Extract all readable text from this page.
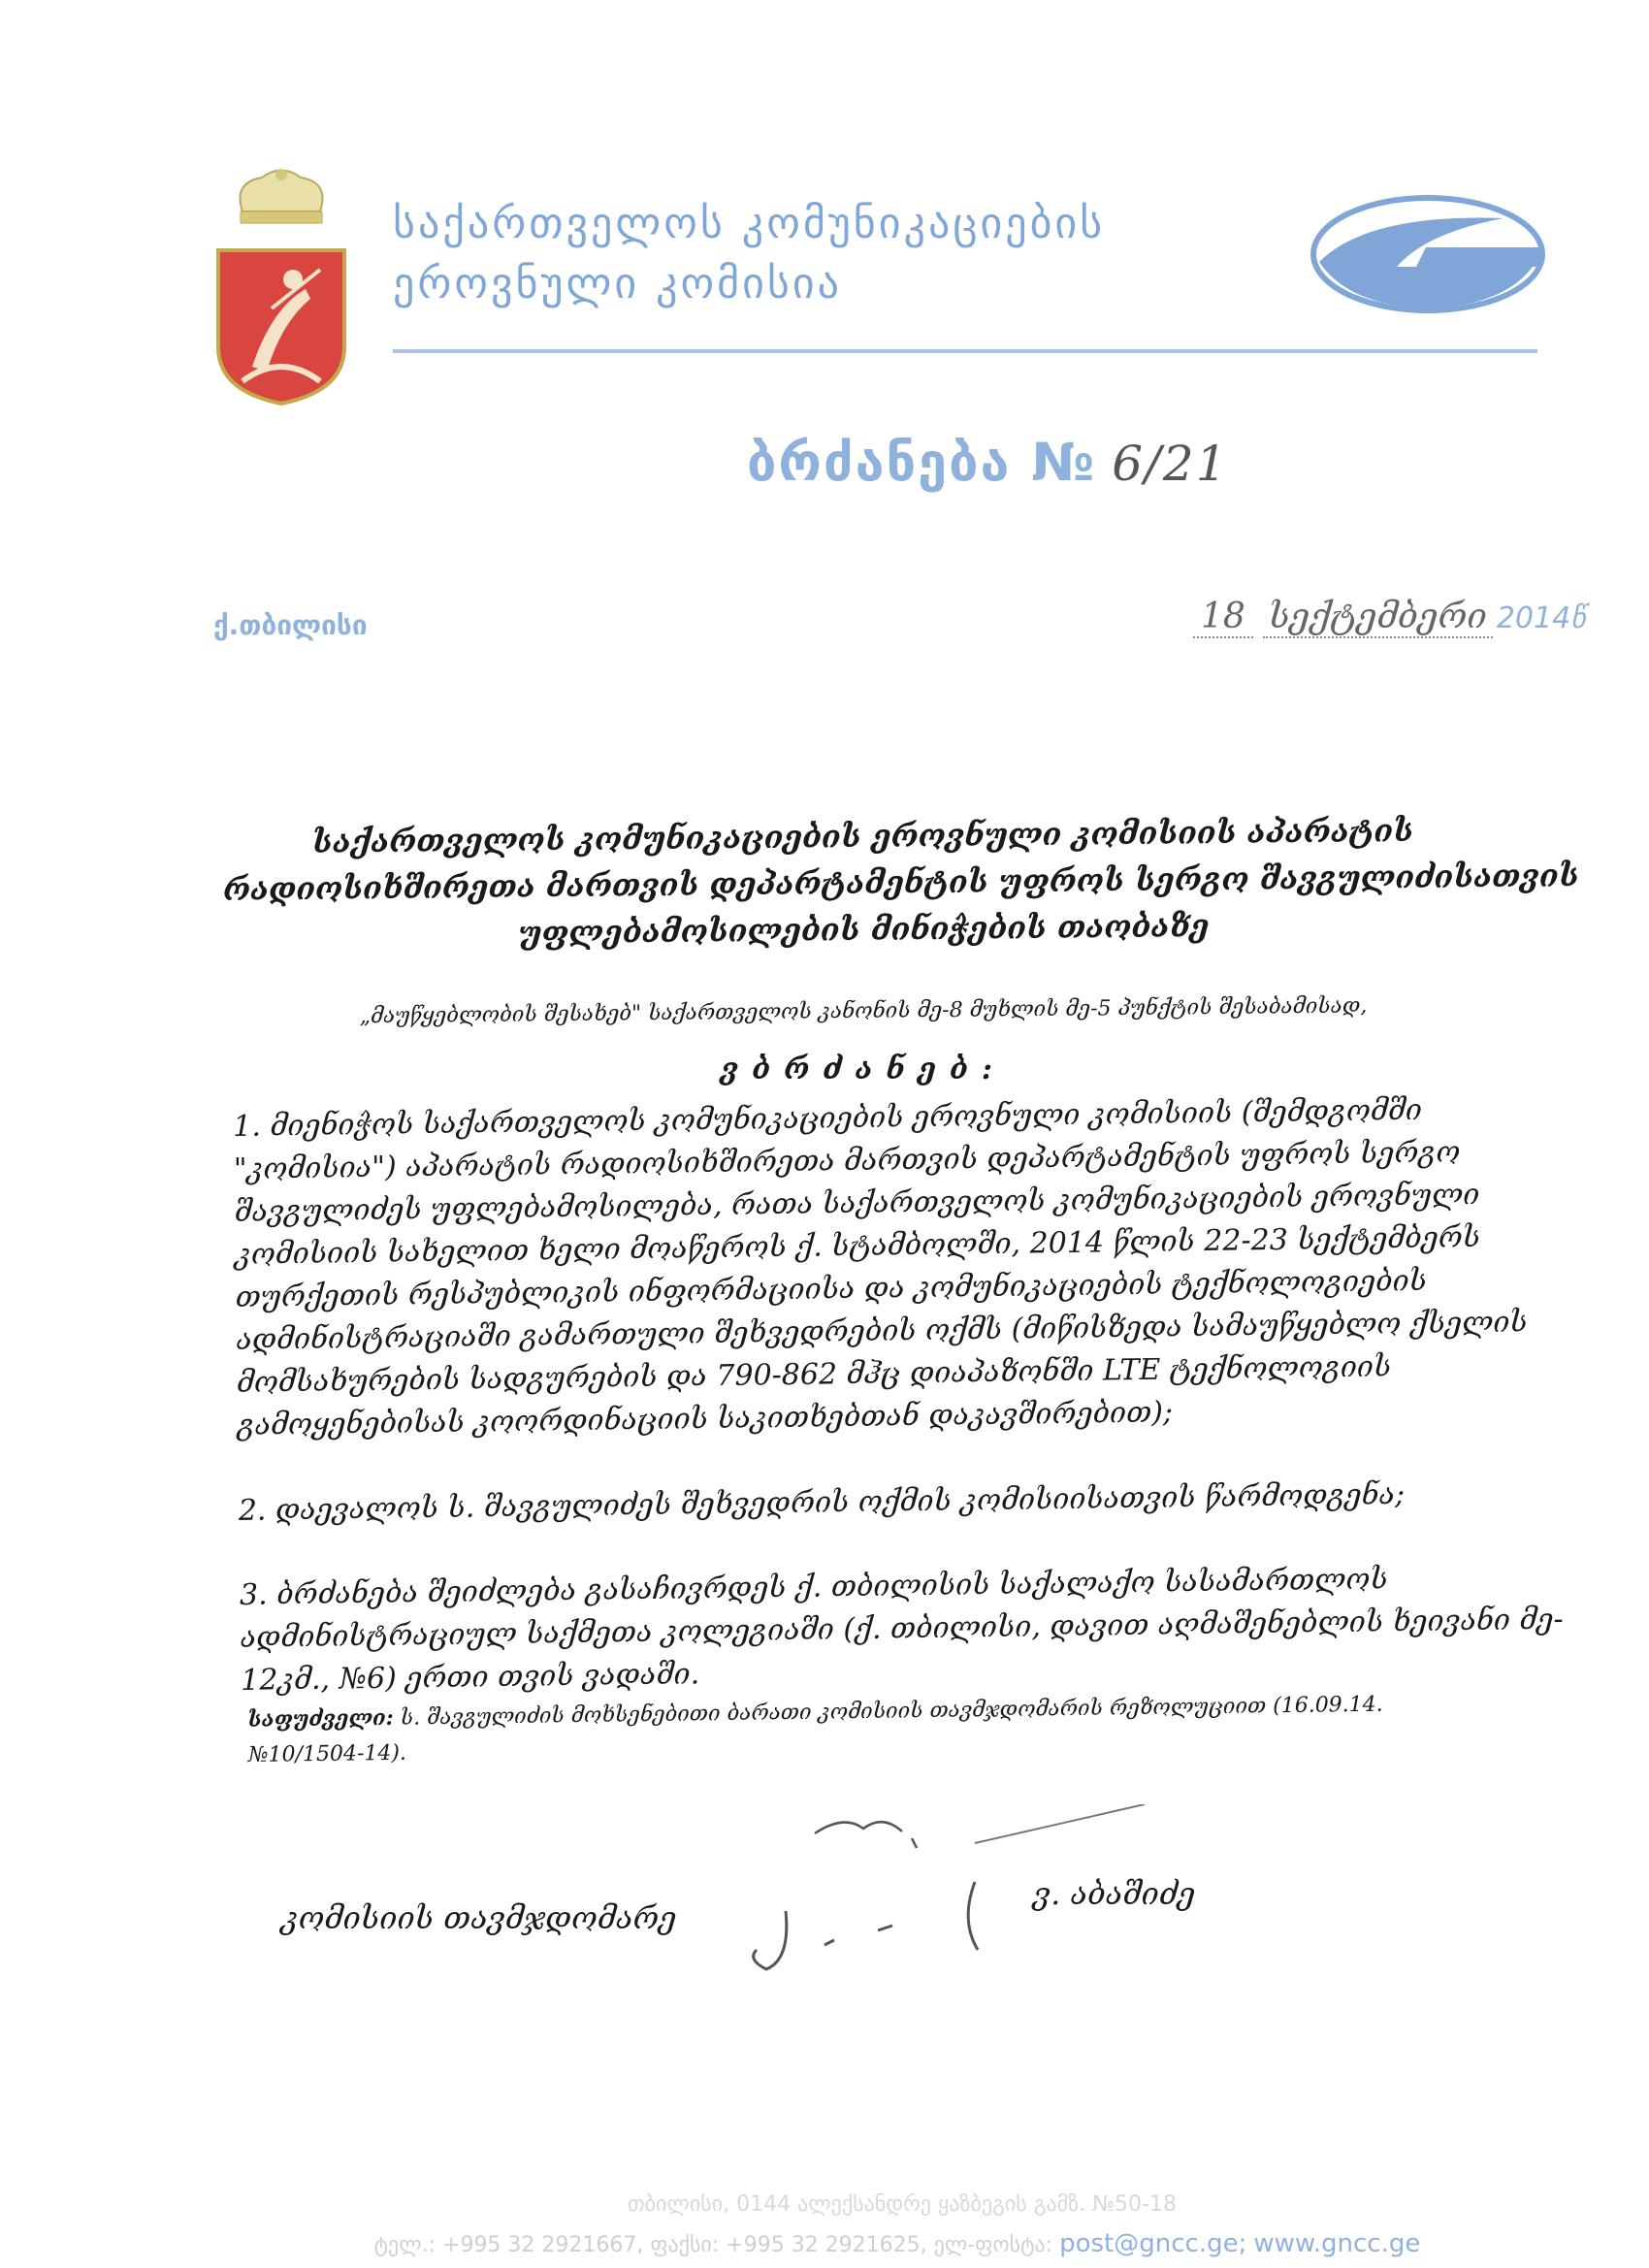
საქართველოს კომუნიკაციების
ეროვნული კომისია
ბრძანება № 6/21
ქ.თბილისი	18 სექტემბერი 2014წ
საქართველოს კომუნიკაციების ეროვნული კომისიის აპარატის
რადიოსიხშირეთა მართვის დეპარტამენტის უფროს სერგო შავგულიძისათვის
უფლებამოსილების მინიჭების თაობაზე
„მაუწყებლობის შესახებ" საქართველოს კანონის მე-8 მუხლის მე-5 პუნქტის შესაბამისად,
ვბრძანებ:
1. მიენიჭოს საქართველოს კომუნიკაციების ეროვნული კომისიის (შემდგომში
"კომისია") აპარატის რადიოსიხშირეთა მართვის დეპარტამენტის უფროს სერგო
შავგულიძეს უფლებამოსილება, რათა საქართველოს კომუნიკაციების ეროვნული
კომისიის სახელით ხელი მოაწეროს ქ. სტამბოლში, 2014 წლის 22-23 სექტემბერს
თურქეთის რესპუბლიკის ინფორმაციისა და კომუნიკაციების ტექნოლოგიების
ადმინისტრაციაში გამართული შეხვედრების ოქმს (მიწისზედა სამაუწყებლო ქსელის
მომსახურების სადგურების და 790-862 მჰც დიაპაზონში LTE ტექნოლოგიის
გამოყენებისას კოორდინაციის საკითხებთან დაკავშირებით);
2. დაევალოს ს. შავგულიძეს შეხვედრის ოქმის კომისიისათვის წარმოდგენა;
3. ბრძანება შეიძლება გასაჩივრდეს ქ. თბილისის საქალაქო სასამართლოს
ადმინისტრაციულ საქმეთა კოლეგიაში (ქ. თბილისი, დავით აღმაშენებლის ხეივანი მე-
12კმ., №6) ერთი თვის ვადაში.
საფუძველი: ს. შავგულიძის მოხსენებითი ბარათი კომისიის თავმჯდომარის რეზოლუციით (16.09.14.
№10/1504-14).
კომისიის თავმჯდომარე
ვ. აბაშიძე
თბილისი, 0144 ალექსანდრე ყაზბეგის გამზ. №50-18
ტელ.: +995 32 2921667, ფაქსი: +995 32 2921625, ელ-ფოსტა: post@gncc.ge; www.gncc.ge
